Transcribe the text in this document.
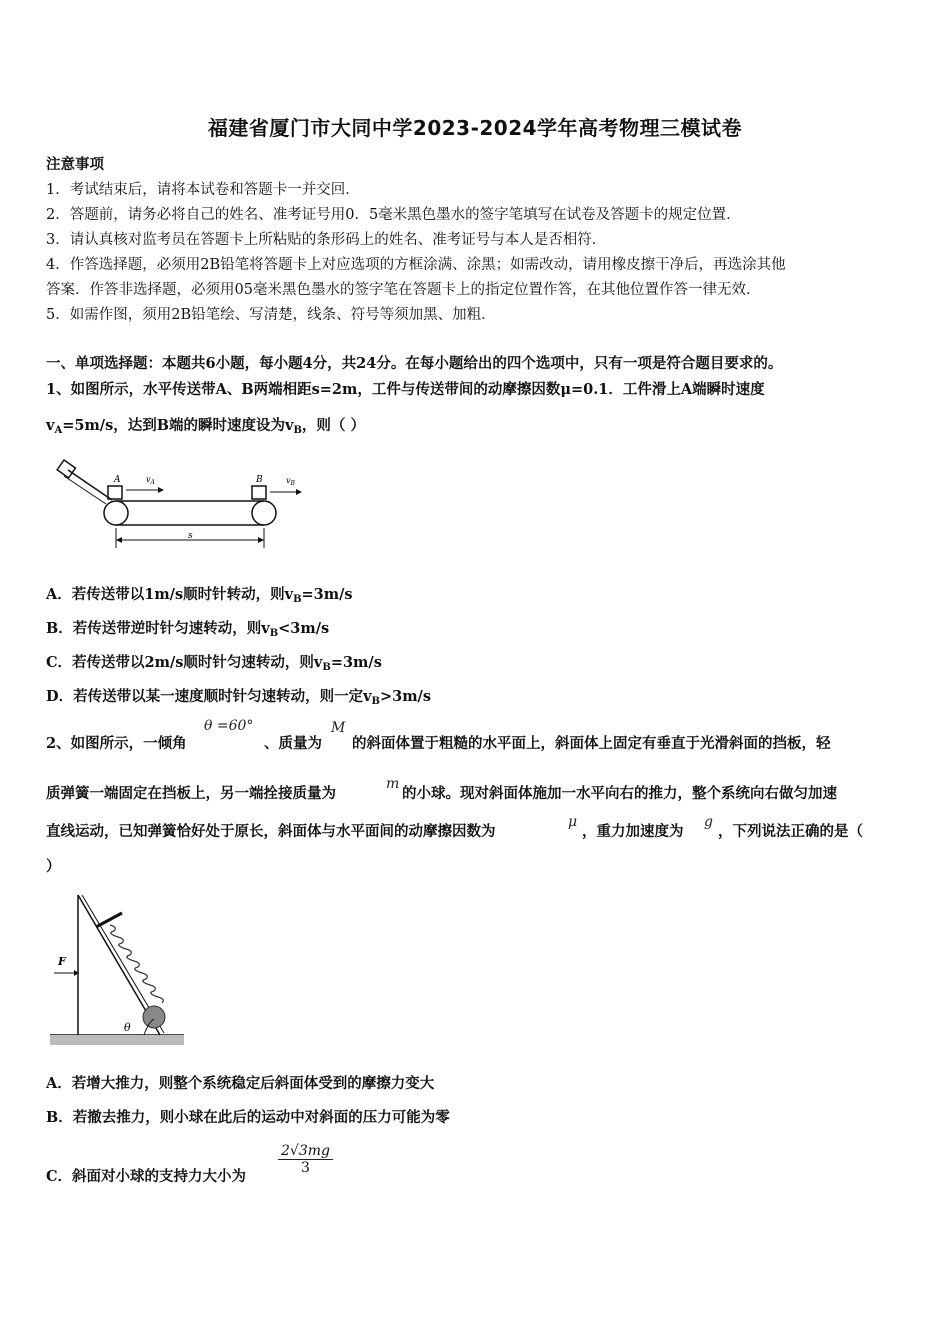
福建省厦门市大同中学2023-2024学年高考物理三模试卷
注意事项
1．考试结束后，请将本试卷和答题卡一并交回．
2．答题前，请务必将自己的姓名、准考证号用0．5毫米黑色墨水的签字笔填写在试卷及答题卡的规定位置．
3．请认真核对监考员在答题卡上所粘贴的条形码上的姓名、准考证号与本人是否相符．
4．作答选择题，必须用2B铅笔将答题卡上对应选项的方框涂满、涂黑；如需改动，请用橡皮擦干净后，再选涂其他
答案．作答非选择题，必须用05毫米黑色墨水的签字笔在答题卡上的指定位置作答，在其他位置作答一律无效．
5．如需作图，须用2B铅笔绘、写清楚，线条、符号等须加黑、加粗．
一、单项选择题：本题共6小题，每小题4分，共24分。在每小题给出的四个选项中，只有一项是符合题目要求的。
1、如图所示，水平传送带A、B两端相距s=2m，工件与传送带间的动摩擦因数μ=0.1．工件滑上A端瞬时速度
$v_A=5m/s$，达到B端的瞬时速度设为$v_B$，则（ ）
A	$v_A$	B	$v_B$
s
A．若传送带以1m/s顺时针转动，则$v_B=3m/s$
B．若传送带逆时针匀速转动，则$v_B<3m/s$
C．若传送带以2m/s顺时针匀速转动，则$v_B=3m/s$
D．若传送带以某一速度顺时针匀速转动，则一定$v_B>3m/s$
2、如图所示，一倾角
θ =60°
、质量为
M
的斜面体置于粗糙的水平面上，斜面体上固定有垂直于光滑斜面的挡板，轻
质弹簧一端固定在挡板上，另一端拴接质量为
m
的小球。现对斜面体施加一水平向右的推力，整个系统向右做匀加速
直线运动，已知弹簧恰好处于原长，斜面体与水平面间的动摩擦因数为
μ
，重力加速度为
g
，下列说法正确的是（
）
θ
F
A．若增大推力，则整个系统稳定后斜面体受到的摩擦力变大
B．若撤去推力，则小球在此后的运动中对斜面的压力可能为零
C．斜面对小球的支持力大小为
$\frac{2√3mg}{3}$
